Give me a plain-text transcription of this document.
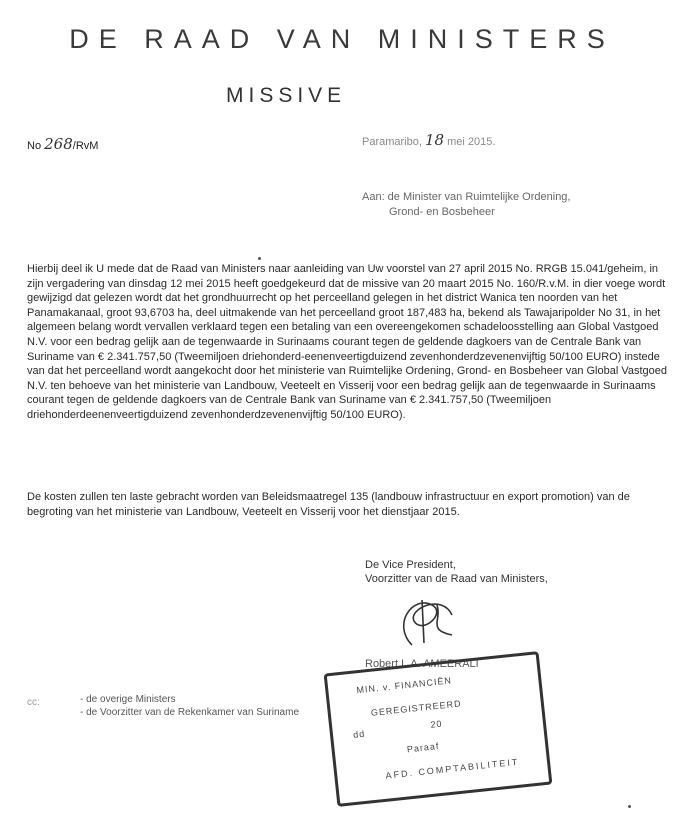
DE RAAD VAN MINISTERS
MISSIVE
No 268/RvM	Paramaribo, 18 mei 2015.
Aan: de Minister van Ruimtelijke Ordening,
Grond- en Bosbeheer
Hierbij deel ik U mede dat de Raad van Ministers naar aanleiding van Uw voorstel van 27 april 2015 No. RRGB 15.041/geheim, in zijn vergadering van dinsdag 12 mei 2015 heeft goedgekeurd dat de missive van 20 maart 2015 No. 160/R.v.M. in dier voege wordt gewijzigd dat gelezen wordt dat het grondhuurrecht op het perceelland gelegen in het district Wanica ten noorden van het Panamakanaal, groot 93,6703 ha, deel uitmakende van het perceelland groot 187,483 ha, bekend als Tawajaripolder No 31, in het algemeen belang wordt vervallen verklaard tegen een betaling van een overeengekomen schadeloosstelling aan Global Vastgoed N.V. voor een bedrag gelijk aan de tegenwaarde in Surinaams courant tegen de geldende dagkoers van de Centrale Bank van Suriname van € 2.341.757,50 (Tweemiljoen driehonderd-eenenveertigduizend zevenhonderdzevenenvijftig 50/100 EURO) instede van dat het perceelland wordt aangekocht door het ministerie van Ruimtelijke Ordening, Grond- en Bosbeheer van Global Vastgoed N.V. ten behoeve van het ministerie van Landbouw, Veeteelt en Visserij voor een bedrag gelijk aan de tegenwaarde in Surinaams courant tegen de geldende dagkoers van de Centrale Bank van Suriname van € 2.341.757,50 (Tweemiljoen driehonderdeenenveertigduizend zevenhonderdzevenenvijftig 50/100 EURO).
De kosten zullen ten laste gebracht worden van Beleidsmaatregel 135 (landbouw infrastructuur en export promotion) van de begroting van het ministerie van Landbouw, Veeteelt en Visserij voor het dienstjaar 2015.
De Vice President,
Voorzitter van de Raad van Ministers,
Robert L.A. AMEERALI
cc:	- de overige Ministers
- de Voorzitter van de Rekenkamer van Suriname
MIN. v. FINANCIËN
GEREGISTREERD
20
Paraaf
AFD. COMPTABILITEIT
dd
